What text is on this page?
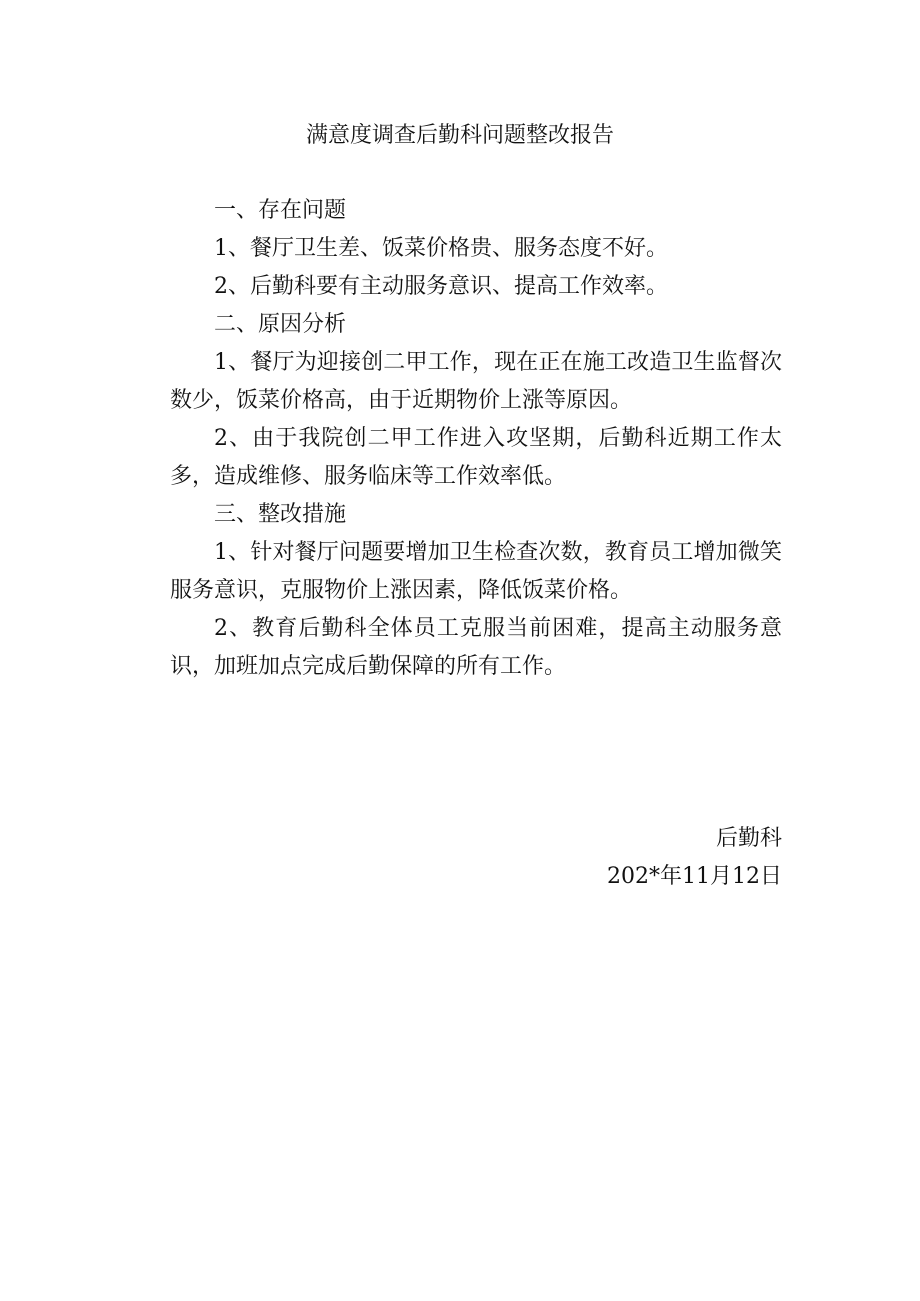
满意度调查后勤科问题整改报告

一、存在问题

1、餐厅卫生差、饭菜价格贵、服务态度不好。

2、后勤科要有主动服务意识、提高工作效率。

二、原因分析

1、餐厅为迎接创二甲工作，现在正在施工改造卫生监督次数少，饭菜价格高，由于近期物价上涨等原因。

2、由于我院创二甲工作进入攻坚期，后勤科近期工作太多，造成维修、服务临床等工作效率低。

三、整改措施

1、针对餐厅问题要增加卫生检查次数，教育员工增加微笑服务意识，克服物价上涨因素，降低饭菜价格。

2、教育后勤科全体员工克服当前困难，提高主动服务意识，加班加点完成后勤保障的所有工作。

后勤科
202*年11月12日
